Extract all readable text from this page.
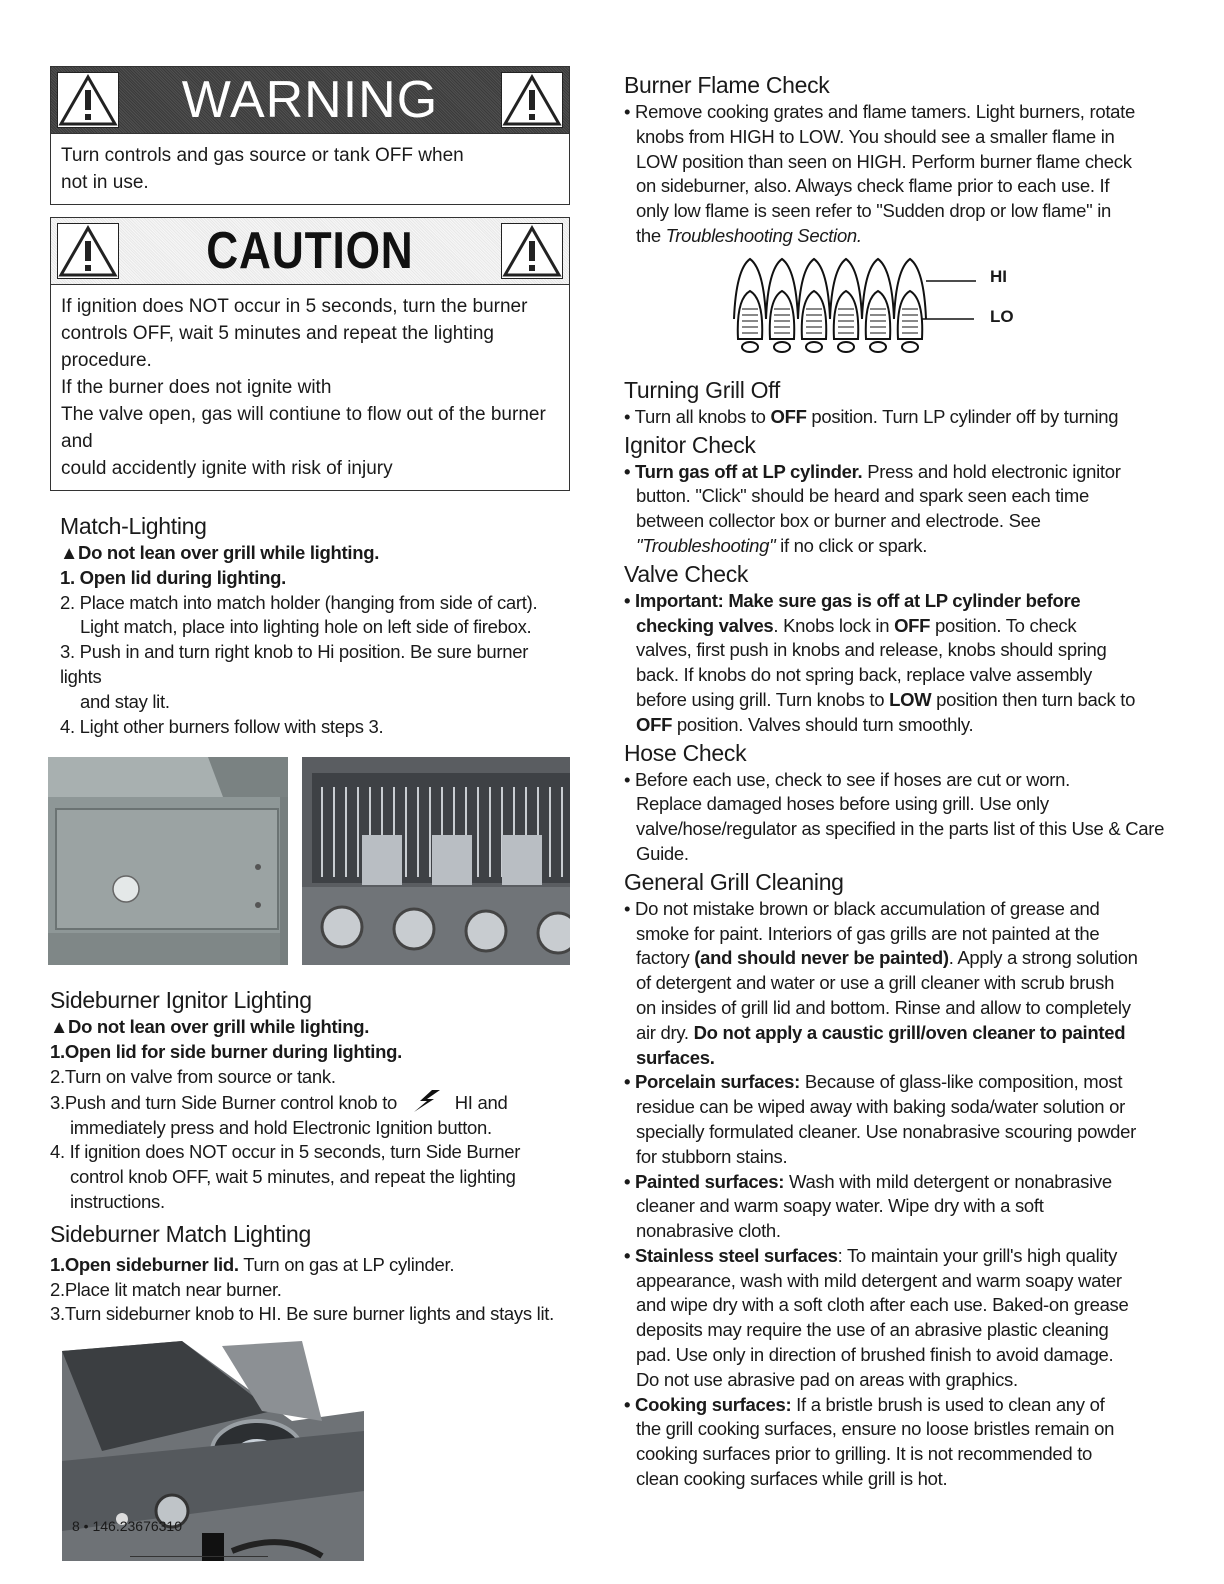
WARNING

Turn controls and gas source or tank OFF when not in use.

CAUTION

If ignition does NOT occur in 5 seconds, turn the burner

controls OFF, wait 5 minutes and repeat the lighting procedure.

If the burner does not ignite with

The valve open, gas will contiune to flow out of the burner and

could accidently ignite with risk of injury

Match-Lighting

▲Do not lean over grill while lighting.

1. Open lid during lighting.

2. Place match into match holder (hanging from side of cart).

Light match, place into lighting hole on left side of firebox.

3. Push in and turn right knob to Hi position. Be sure burner lights

and stay lit.

4. Light other burners follow with steps 3.

Sideburner Ignitor Lighting

▲Do not lean over grill while lighting.

1.Open lid for side burner during lighting.

2.Turn on valve from source or tank.

3.Push and turn Side Burner control knob to	HI and

immediately press and hold Electronic Ignition button.

4. If ignition does NOT occur in 5 seconds, turn Side Burner

control knob OFF, wait 5 minutes, and repeat the lighting

instructions.

Sideburner Match Lighting

1.Open sideburner lid. Turn on gas at LP cylinder.

2.Place lit match near burner.

3.Turn sideburner knob to HI. Be sure burner lights and stays lit.

Burner Flame Check

• Remove cooking grates and flame tamers. Light burners, rotate

knobs from HIGH to LOW. You should see a smaller flame in

LOW position than seen on HIGH. Perform burner flame check

on sideburner, also. Always check flame prior to each use. If

only low flame is seen refer to "Sudden drop or low flame" in

the Troubleshooting Section.

HI
LO
Turning Grill Off

• Turn all knobs to OFF position. Turn LP cylinder off by turning

Ignitor Check

• Turn gas off at LP cylinder. Press and hold electronic ignitor

button. "Click" should be heard and spark seen each time

between collector box or burner and electrode. See

"Troubleshooting" if no click or spark.

Valve Check

• Important: Make sure gas is off at LP cylinder before

checking valves. Knobs lock in OFF position. To check

valves, first push in knobs and release, knobs should spring

back. If knobs do not spring back, replace valve assembly

before using grill. Turn knobs to LOW position then turn back to

OFF position. Valves should turn smoothly.

Hose Check

• Before each use, check to see if hoses are cut or worn.

Replace damaged hoses before using grill. Use only

valve/hose/regulator as specified in the parts list of this Use & Care

Guide.

General Grill Cleaning

• Do not mistake brown or black accumulation of grease and

smoke for paint. Interiors of gas grills are not painted at the

factory (and should never be painted). Apply a strong solution

of detergent and water or use a grill cleaner with scrub brush

on insides of grill lid and bottom. Rinse and allow to completely

air dry. Do not apply a caustic grill/oven cleaner to painted

surfaces.

• Porcelain surfaces: Because of glass-like composition, most

residue can be wiped away with baking soda/water solution or

specially formulated cleaner. Use nonabrasive scouring powder

for stubborn stains.

• Painted surfaces: Wash with mild detergent or nonabrasive

cleaner and warm soapy water. Wipe dry with a soft

nonabrasive cloth.

• Stainless steel surfaces: To maintain your grill's high quality

appearance, wash with mild detergent and warm soapy water

and wipe dry with a soft cloth after each use. Baked-on grease

deposits may require the use of an abrasive plastic cleaning

pad. Use only in direction of brushed finish to avoid damage.

Do not use abrasive pad on areas with graphics.

• Cooking surfaces: If a bristle brush is used to clean any of

the grill cooking surfaces, ensure no loose bristles remain on

cooking surfaces prior to grilling. It is not recommended to

clean cooking surfaces while grill is hot.

8 • 146.23676310
